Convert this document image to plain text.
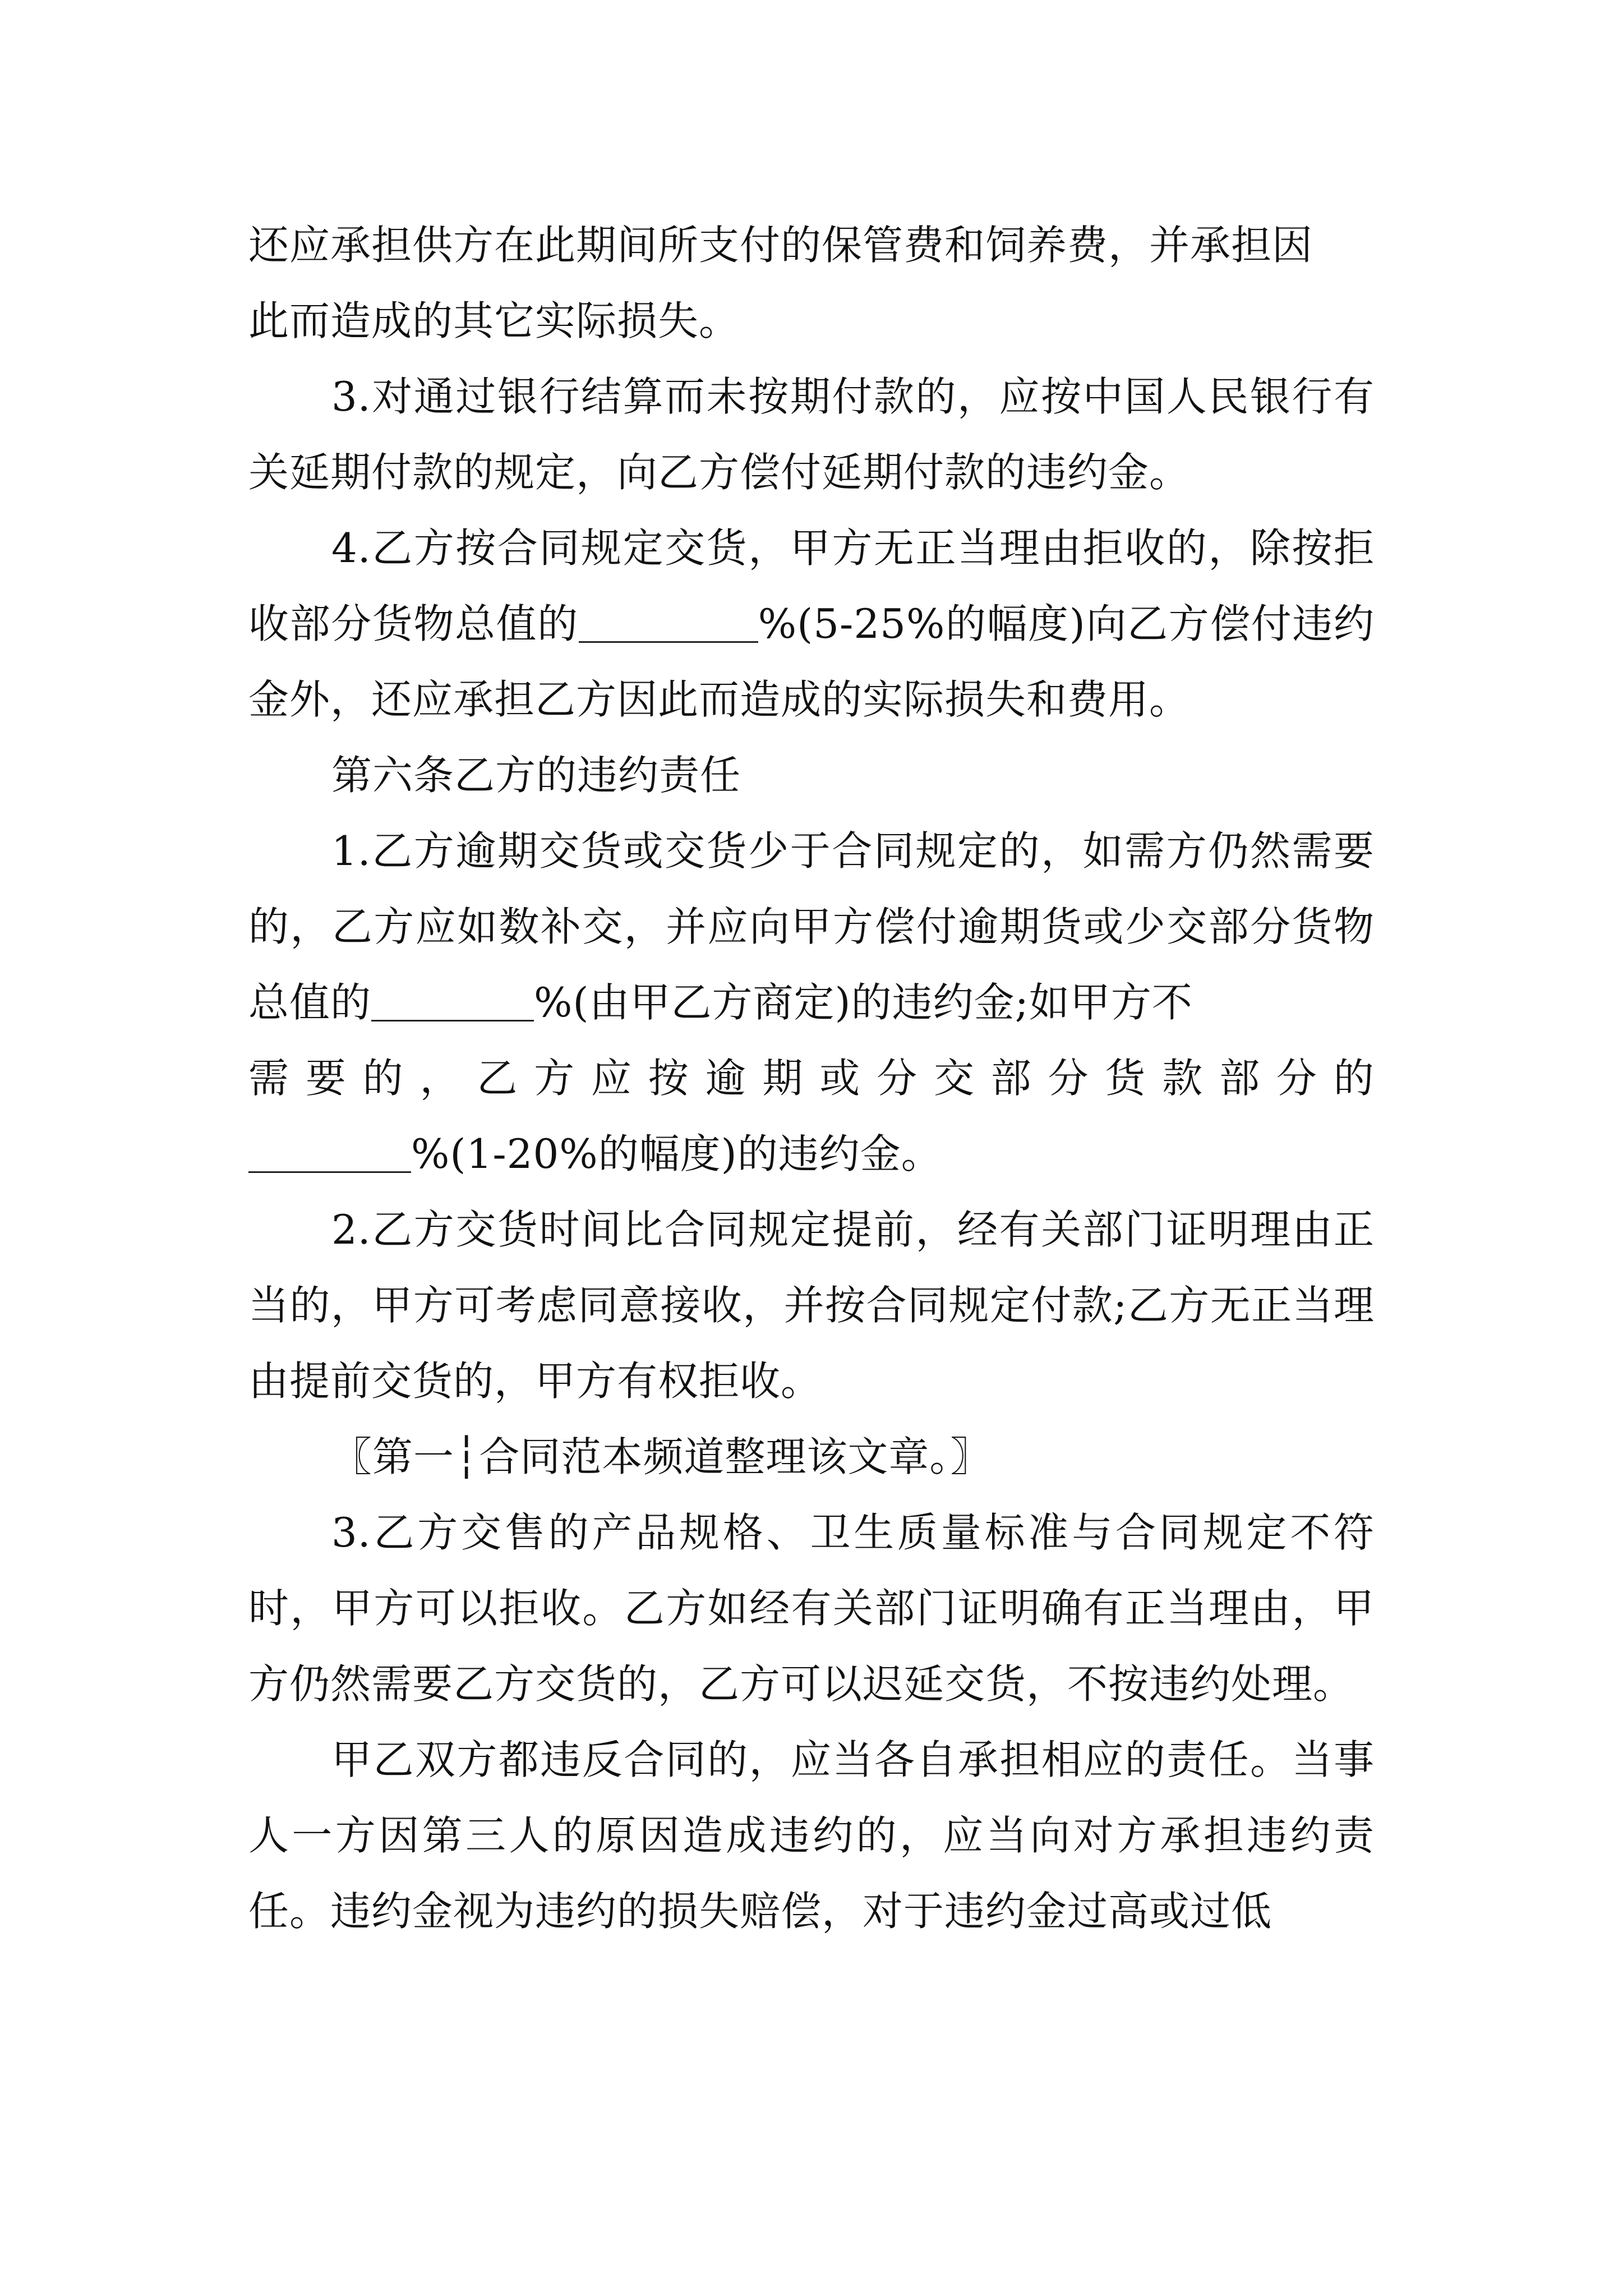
还应承担供方在此期间所支付的保管费和饲养费，并承担因
此而造成的其它实际损失。

3.对通过银行结算而未按期付款的，应按中国人民银行有关延期付款的规定，向乙方偿付延期付款的违约金。

4.乙方按合同规定交货，甲方无正当理由拒收的，除按拒收部分货物总值的	%(5-25%的幅度)向乙方偿付违约金外，还应承担乙方因此而造成的实际损失和费用。

第六条乙方的违约责任

1.乙方逾期交货或交货少于合同规定的，如需方仍然需要的，乙方应如数补交，并应向甲方偿付逾期货或少交部分货物总值的	%(由甲乙方商定)的违约金;如甲方不

需 要 的 ， 乙 方 应 按 逾 期 或 分 交 部 分 货 款 部 分 的

%(1-20%的幅度)的违约金。

2.乙方交货时间比合同规定提前，经有关部门证明理由正当的，甲方可考虑同意接收，并按合同规定付款;乙方无正当理由提前交货的，甲方有权拒收。

〖第一┆合同范本频道整理该文章。〗

3.乙方交售的产品规格、卫生质量标准与合同规定不符时，甲方可以拒收。乙方如经有关部门证明确有正当理由，甲方仍然需要乙方交货的，乙方可以迟延交货，不按违约处理。

甲乙双方都违反合同的，应当各自承担相应的责任。当事人一方因第三人的原因造成违约的，应当向对方承担违约责任。违约金视为违约的损失赔偿，对于违约金过高或过低
